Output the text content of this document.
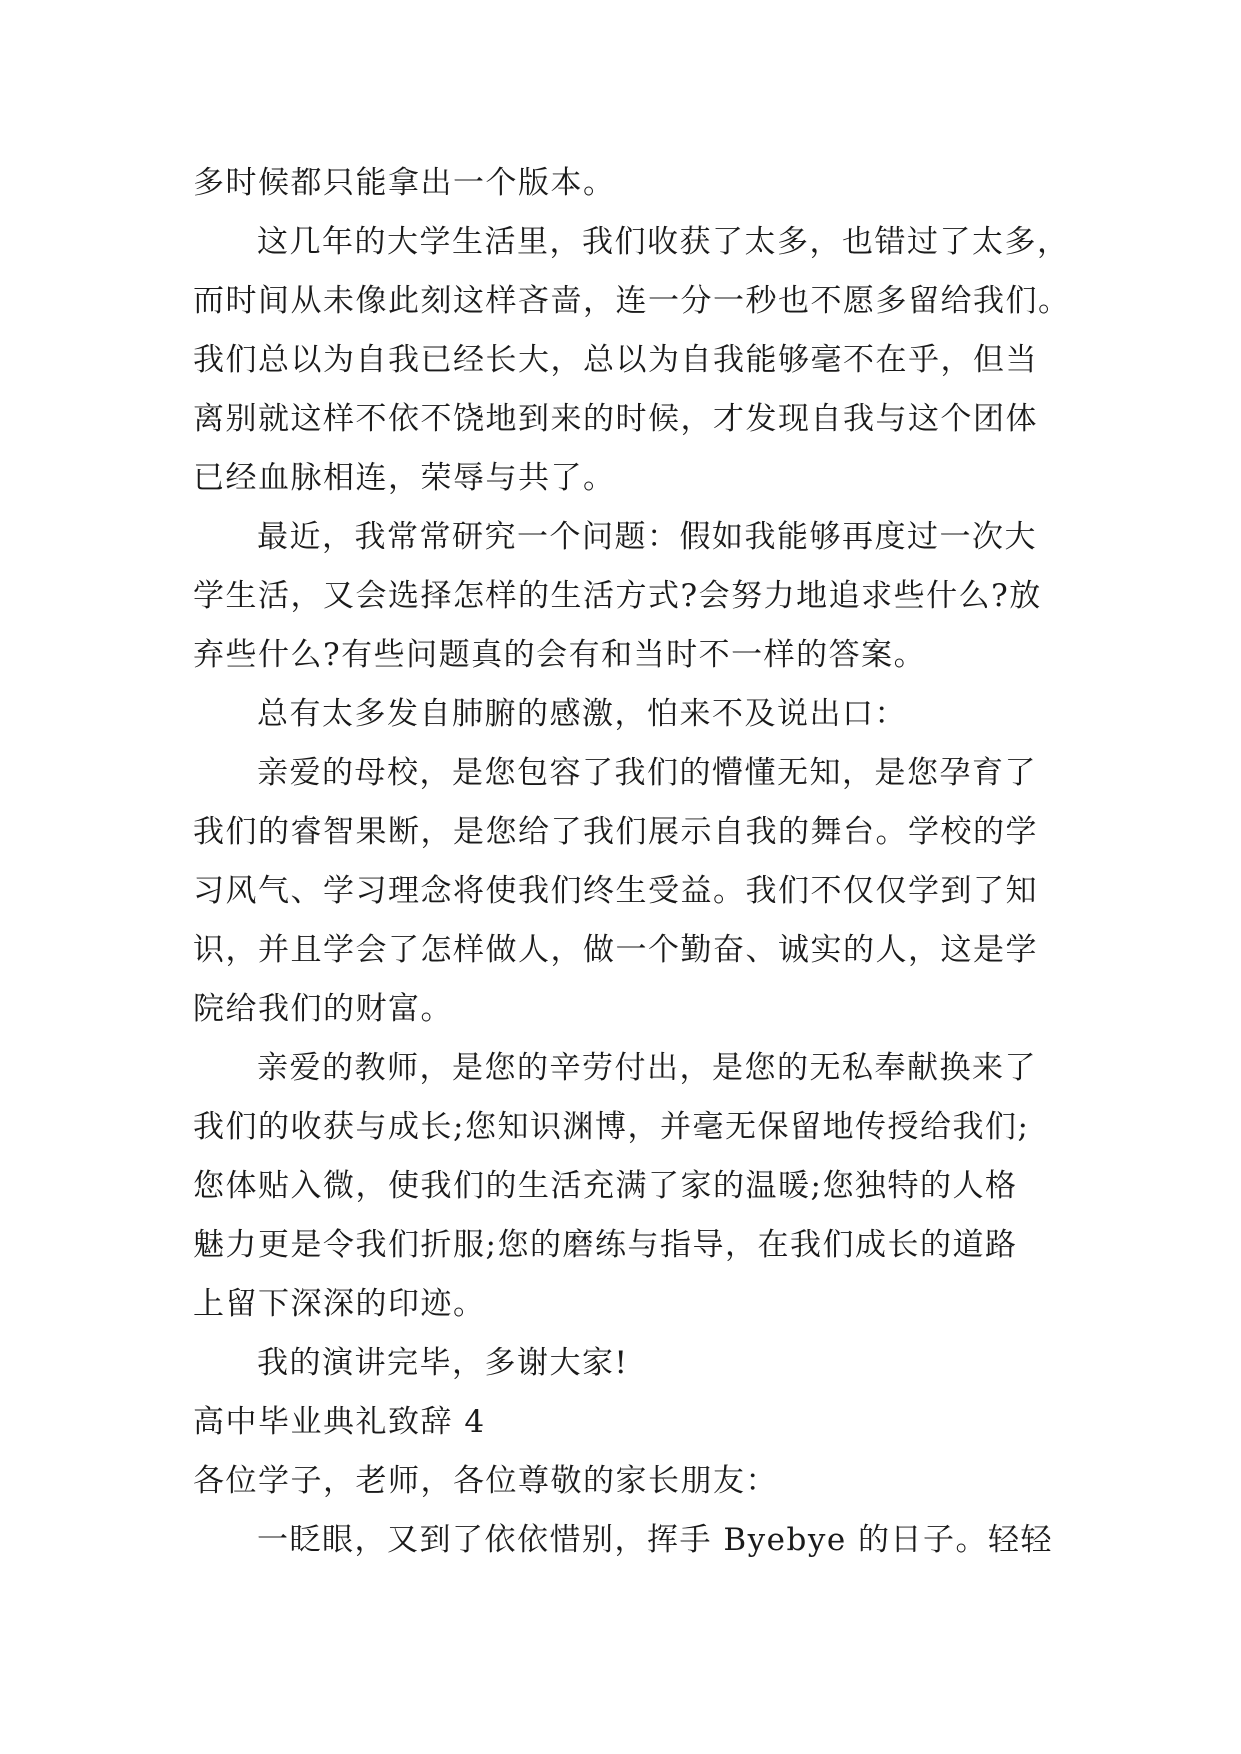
多时候都只能拿出一个版本。
这几年的大学生活里，我们收获了太多，也错过了太多，
而时间从未像此刻这样吝啬，连一分一秒也不愿多留给我们。
我们总以为自我已经长大，总以为自我能够毫不在乎，但当
离别就这样不依不饶地到来的时候，才发现自我与这个团体
已经血脉相连，荣辱与共了。
最近，我常常研究一个问题：假如我能够再度过一次大
学生活，又会选择怎样的生活方式?会努力地追求些什么?放
弃些什么?有些问题真的会有和当时不一样的答案。
总有太多发自肺腑的感激，怕来不及说出口：
亲爱的母校，是您包容了我们的懵懂无知，是您孕育了
我们的睿智果断，是您给了我们展示自我的舞台。学校的学
习风气、学习理念将使我们终生受益。我们不仅仅学到了知
识，并且学会了怎样做人，做一个勤奋、诚实的人，这是学
院给我们的财富。
亲爱的教师，是您的辛劳付出，是您的无私奉献换来了
我们的收获与成长;您知识渊博，并毫无保留地传授给我们;
您体贴入微，使我们的生活充满了家的温暖;您独特的人格
魅力更是令我们折服;您的磨练与指导，在我们成长的道路
上留下深深的印迹。
我的演讲完毕，多谢大家!
高中毕业典礼致辞 4
各位学子，老师，各位尊敬的家长朋友：
一眨眼，又到了依依惜别，挥手 Byebye 的日子。轻轻
